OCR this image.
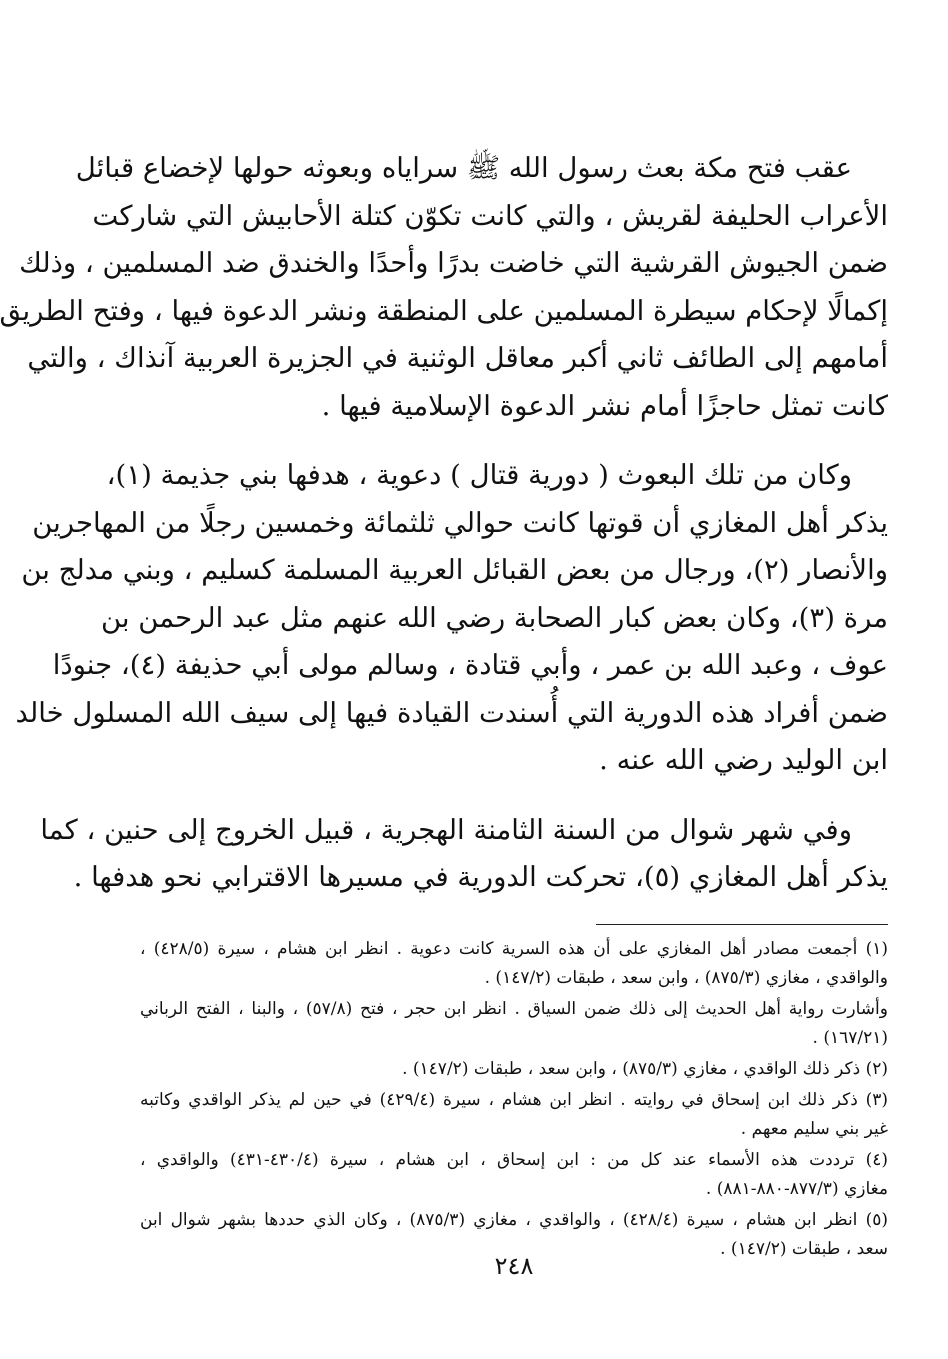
عقب فتح مكة بعث رسول الله ﷺ سراياه وبعوثه حولها لإخضاع قبائل
الأعراب الحليفة لقريش ، والتي كانت تكوّن كتلة الأحابيش التي شاركت
ضمن الجيوش القرشية التي خاضت بدرًا وأحدًا والخندق ضد المسلمين ، وذلك
إكمالًا لإحكام سيطرة المسلمين على المنطقة ونشر الدعوة فيها ، وفتح الطريق
أمامهم إلى الطائف ثاني أكبر معاقل الوثنية في الجزيرة العربية آنذاك ، والتي
كانت تمثل حاجزًا أمام نشر الدعوة الإسلامية فيها .

وكان من تلك البعوث ( دورية قتال ) دعوية ، هدفها بني جذيمة (١)،
يذكر أهل المغازي أن قوتها كانت حوالي ثلثمائة وخمسين رجلًا من المهاجرين
والأنصار (٢)، ورجال من بعض القبائل العربية المسلمة كسليم ، وبني مدلج بن
مرة (٣)، وكان بعض كبار الصحابة رضي الله عنهم مثل عبد الرحمن بن
عوف ، وعبد الله بن عمر ، وأبي قتادة ، وسالم مولى أبي حذيفة (٤)، جنودًا
ضمن أفراد هذه الدورية التي أُسندت القيادة فيها إلى سيف الله المسلول خالد
ابن الوليد رضي الله عنه .

وفي شهر شوال من السنة الثامنة الهجرية ، قبيل الخروج إلى حنين ، كما
يذكر أهل المغازي (٥)، تحركت الدورية في مسيرها الاقترابي نحو هدفها .

(١) أجمعت مصادر أهل المغازي على أن هذه السرية كانت دعوية . انظر ابن هشام ، سيرة (٤٢٨/٥) ،
والواقدي ، مغازي (٨٧٥/٣) ، وابن سعد ، طبقات (١٤٧/٢) .
وأشارت رواية أهل الحديث إلى ذلك ضمن السياق . انظر ابن حجر ، فتح (٥٧/٨) ، والبنا ، الفتح الرباني
(١٦٧/٢١) .
(٢) ذكر ذلك الواقدي ، مغازي (٨٧٥/٣) ، وابن سعد ، طبقات (١٤٧/٢) .
(٣) ذكر ذلك ابن إسحاق في روايته . انظر ابن هشام ، سيرة (٤٢٩/٤) في حين لم يذكر الواقدي وكاتبه
غير بني سليم معهم .
(٤) ترددت هذه الأسماء عند كل من : ابن إسحاق ، ابن هشام ، سيرة (٤٣٠/٤-٤٣١) والواقدي ،
مغازي (٨٧٧/٣-٨٨٠-٨٨١) .
(٥) انظر ابن هشام ، سيرة (٤٢٨/٤) ، والواقدي ، مغازي (٨٧٥/٣) ، وكان الذي حددها بشهر شوال ابن
سعد ، طبقات (١٤٧/٢) .
٢٤٨
